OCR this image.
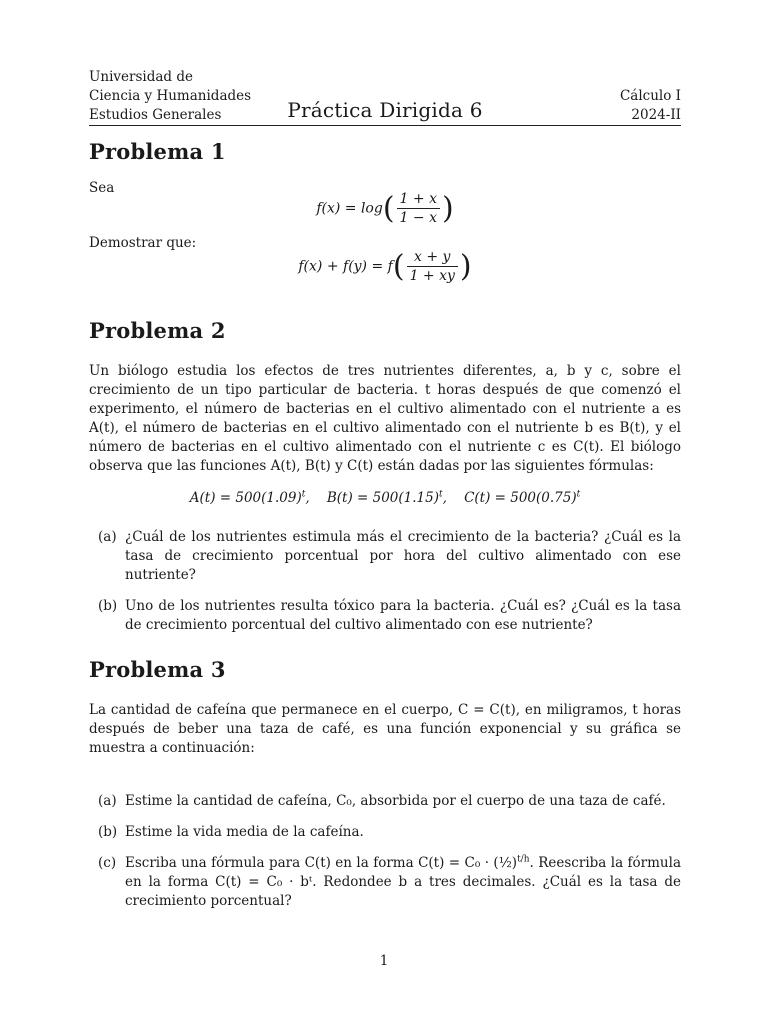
Universidad de
Ciencia y Humanidades
Estudios Generales	Práctica Dirigida 6
Cálculo I
2024-II
Problema 1

Sea

$f(x) = \log( \frac{1 + x}{1 - x}$ )

Demostrar que:

$f(x) + f(y) = f( \frac{x + y}{1 + xy}$ )
Problema 2

Un biólogo estudia los efectos de tres nutrientes diferentes, a, b y c, sobre el crecimiento de un tipo particular de bacteria. t horas después de que comenzó el experimento, el número de bacterias en el cultivo alimentado con el nutriente a es A(t), el número de bacterias en el cultivo alimentado con el nutriente b es B(t), y el número de bacterias en el cultivo alimentado con el nutriente c es C(t). El biólogo observa que las funciones A(t), B(t) y C(t) están dadas por las siguientes fórmulas:

$A(t) = 500(1.09)^t$,    $B(t) = 500(1.15)^t$,    $C(t) = 500(0.75)^t$
(a) ¿Cuál de los nutrientes estimula más el crecimiento de la bacteria? ¿Cuál es la tasa de crecimiento porcentual por hora del cultivo alimentado con ese nutriente?
(b) Uno de los nutrientes resulta tóxico para la bacteria. ¿Cuál es? ¿Cuál es la tasa de crecimiento porcentual del cultivo alimentado con ese nutriente?
Problema 3

La cantidad de cafeína que permanece en el cuerpo, C = C(t), en miligramos, t horas después de beber una taza de café, es una función exponencial y su gráfica se muestra a continuación:

(a) Estime la cantidad de cafeína, C₀, absorbida por el cuerpo de una taza de café.
(b) Estime la vida media de la cafeína.
(c) Escriba una fórmula para C(t) en la forma C(t) = C₀ · (½)$^{t/h}$. Reescriba la fórmula en la forma C(t) = C₀ · bᵗ. Redondee b a tres decimales. ¿Cuál es la tasa de crecimiento porcentual?
1
